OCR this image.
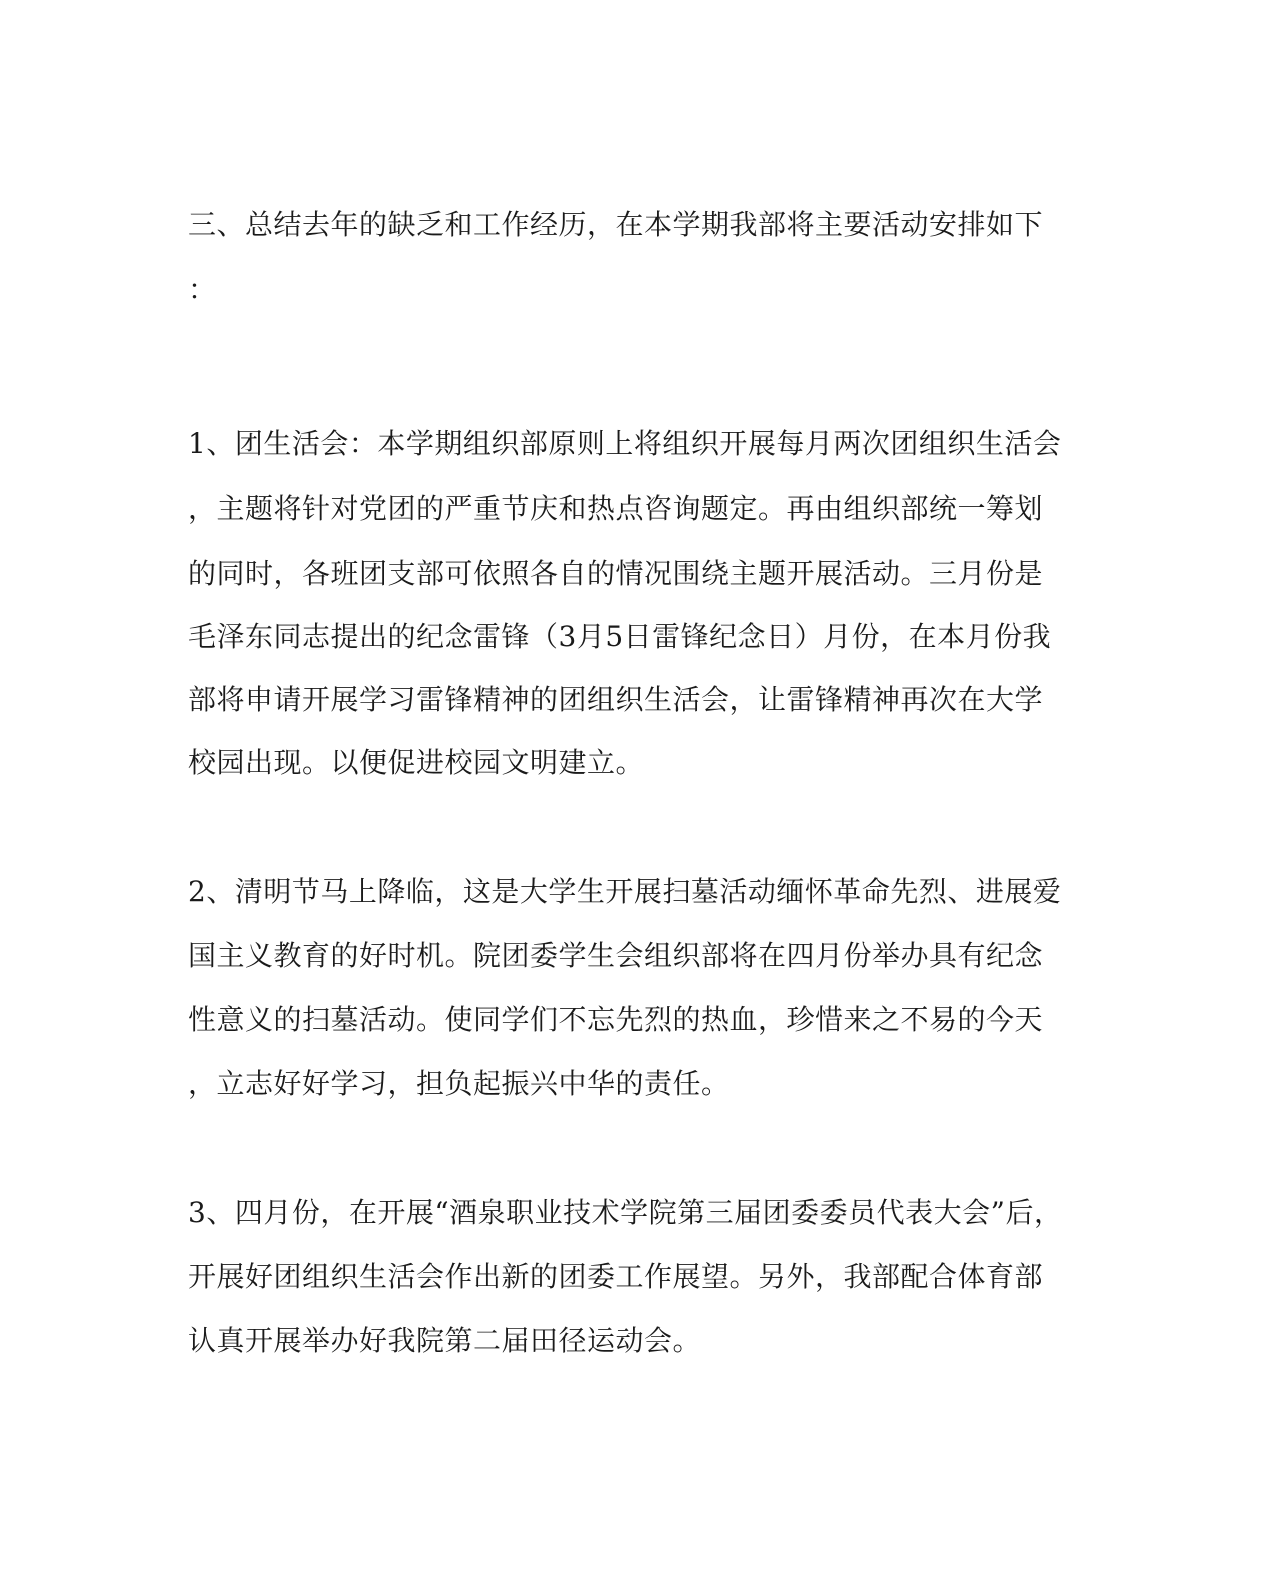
三、总结去年的缺乏和工作经历，在本学期我部将主要活动安排如下
：
1、团生活会：本学期组织部原则上将组织开展每月两次团组织生活会
，主题将针对党团的严重节庆和热点咨询题定。再由组织部统一筹划
的同时，各班团支部可依照各自的情况围绕主题开展活动。三月份是
毛泽东同志提出的纪念雷锋（3月5日雷锋纪念日）月份，在本月份我
部将申请开展学习雷锋精神的团组织生活会，让雷锋精神再次在大学
校园出现。以便促进校园文明建立。
2、清明节马上降临，这是大学生开展扫墓活动缅怀革命先烈、进展爱
国主义教育的好时机。院团委学生会组织部将在四月份举办具有纪念
性意义的扫墓活动。使同学们不忘先烈的热血，珍惜来之不易的今天
，立志好好学习，担负起振兴中华的责任。
3、四月份，在开展“酒泉职业技术学院第三届团委委员代表大会”后，
开展好团组织生活会作出新的团委工作展望。另外，我部配合体育部
认真开展举办好我院第二届田径运动会。
